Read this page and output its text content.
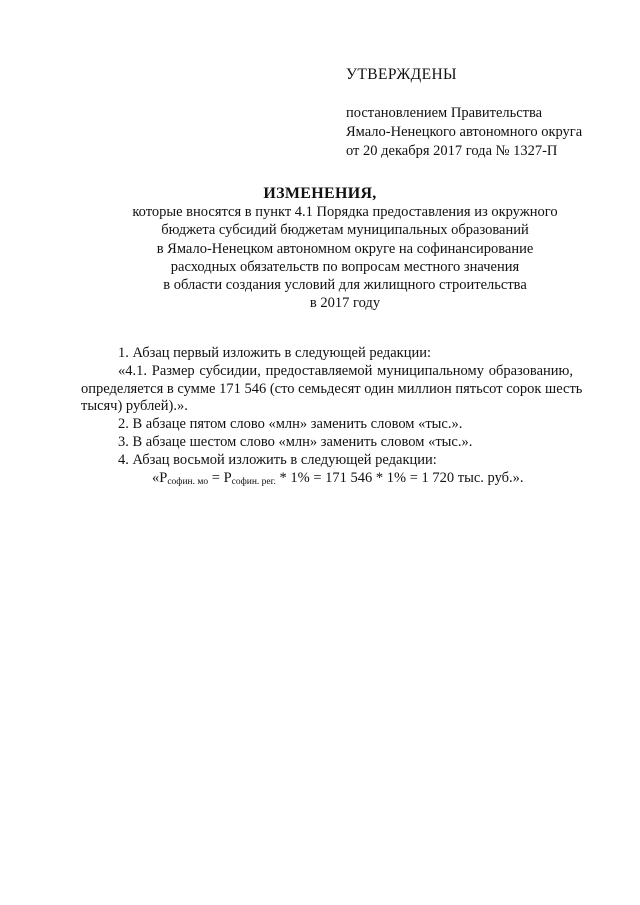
УТВЕРЖДЕНЫ
постановлением Правительства
Ямало-Ненецкого автономного округа
от 20 декабря 2017 года № 1327-П
ИЗМЕНЕНИЯ,
которые вносятся в пункт 4.1 Порядка предоставления из окружного
бюджета субсидий бюджетам муниципальных образований
в Ямало-Ненецком автономном округе на софинансирование
расходных обязательств по вопросам местного значения
в области создания условий для жилищного строительства
в 2017 году
1. Абзац первый изложить в следующей редакции:
«4.1. Размер субсидии, предоставляемой муниципальному образованию,
определяется в сумме 171 546 (сто семьдесят один миллион пятьсот сорок шесть
тысяч) рублей).».
2. В абзаце пятом слово «млн» заменить словом «тыс.».
3. В абзаце шестом слово «млн» заменить словом «тыс.».
4. Абзац восьмой изложить в следующей редакции:
«$Р_{софин. мо} = Р_{софин. рег.} * 1\% = 171$ 546 * 1% = 1 720 тыс. руб.».
